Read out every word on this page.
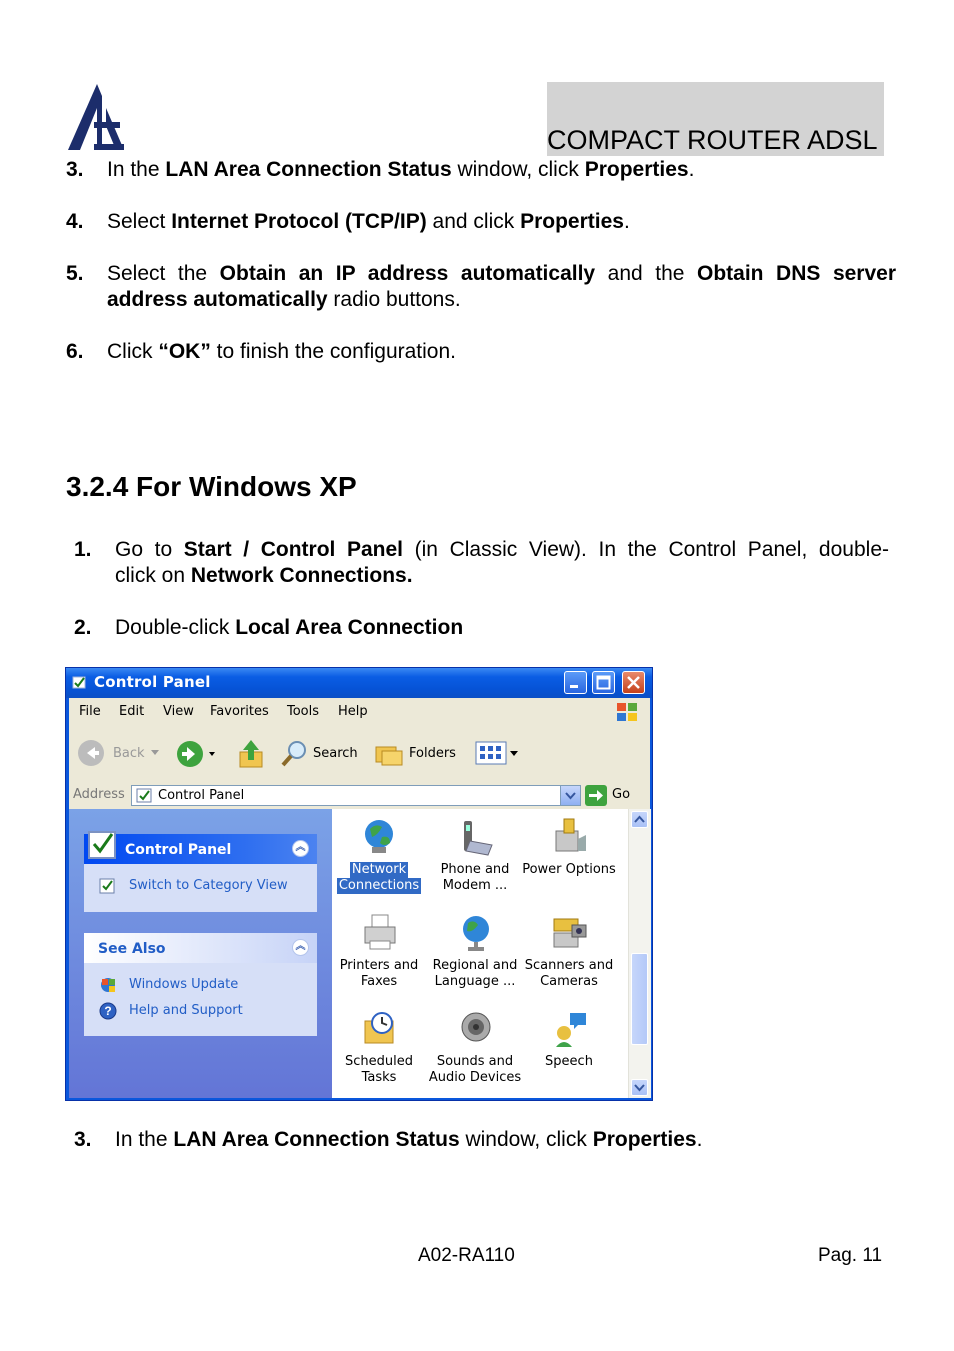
COMPACT ROUTER ADSL
3. In the LAN Area Connection Status window, click Properties.
4. Select Internet Protocol (TCP/IP) and click Properties.
5. Select the Obtain an IP address automatically and the Obtain DNS server
address automatically radio buttons.
6. Click “OK” to finish the configuration.
3.2.4 For Windows XP
1. Go to Start / Control Panel (in Classic View). In the Control Panel, double-
click on Network Connections.
2. Double-click Local Area Connection
Control Panel
File Edit View Favorites Tools Help
Back	Search	Folders
Address	Control Panel	Go
Control Panel	︽
Switch to Category View
See Also	︽
Windows Update
? Help and Support
Network
Connections
Phone and
Modem ...
Power Options
Printers and
Faxes
Regional and
Language ...
Scanners and
Cameras
Scheduled
Tasks
Sounds and
Audio Devices
Speech
3. In the LAN Area Connection Status window, click Properties.
A02-RA110	Pag. 11
